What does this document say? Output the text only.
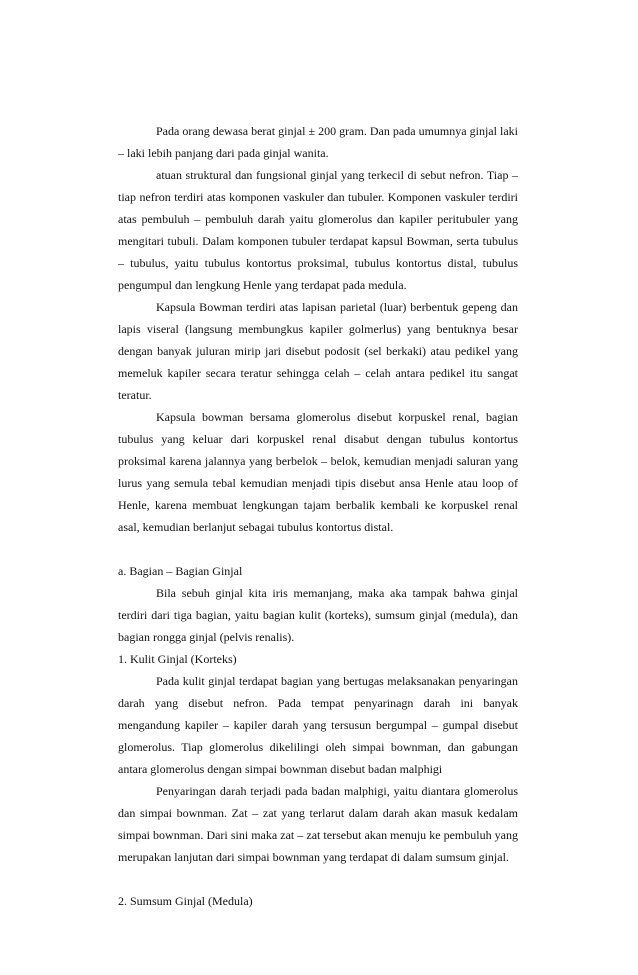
Pada orang dewasa berat ginjal ± 200 gram. Dan pada umumnya ginjal laki – laki lebih panjang dari pada ginjal wanita.

atuan struktural dan fungsional ginjal yang terkecil di sebut nefron. Tiap – tiap nefron terdiri atas komponen vaskuler dan tubuler. Komponen vaskuler terdiri atas pembuluh – pembuluh darah yaitu glomerolus dan kapiler peritubuler yang mengitari tubuli. Dalam komponen tubuler terdapat kapsul Bowman, serta tubulus – tubulus, yaitu tubulus kontortus proksimal, tubulus kontortus distal, tubulus pengumpul dan lengkung Henle yang terdapat pada medula.

Kapsula Bowman terdiri atas lapisan parietal (luar) berbentuk gepeng dan lapis viseral (langsung membungkus kapiler golmerlus) yang bentuknya besar dengan banyak juluran mirip jari disebut podosit (sel berkaki) atau pedikel yang memeluk kapiler secara teratur sehingga celah – celah antara pedikel itu sangat teratur.

Kapsula bowman bersama glomerolus disebut korpuskel renal, bagian tubulus yang keluar dari korpuskel renal disabut dengan tubulus kontortus proksimal karena jalannya yang berbelok – belok, kemudian menjadi saluran yang lurus yang semula tebal kemudian menjadi tipis disebut ansa Henle atau loop of Henle, karena membuat lengkungan tajam berbalik kembali ke korpuskel renal asal, kemudian berlanjut sebagai tubulus kontortus distal.

a. Bagian – Bagian Ginjal

Bila sebuh ginjal kita iris memanjang, maka aka tampak bahwa ginjal terdiri dari tiga bagian, yaitu bagian kulit (korteks), sumsum ginjal (medula), dan bagian rongga ginjal (pelvis renalis).

1. Kulit Ginjal (Korteks)

Pada kulit ginjal terdapat bagian yang bertugas melaksanakan penyaringan darah yang disebut nefron. Pada tempat penyarinagn darah ini banyak mengandung kapiler – kapiler darah yang tersusun bergumpal – gumpal disebut glomerolus. Tiap glomerolus dikelilingi oleh simpai bownman, dan gabungan antara glomerolus dengan simpai bownman disebut badan malphigi

Penyaringan darah terjadi pada badan malphigi, yaitu diantara glomerolus dan simpai bownman. Zat – zat yang terlarut dalam darah akan masuk kedalam simpai bownman. Dari sini maka zat – zat tersebut akan menuju ke pembuluh yang merupakan lanjutan dari simpai bownman yang terdapat di dalam sumsum ginjal.

2. Sumsum Ginjal (Medula)
